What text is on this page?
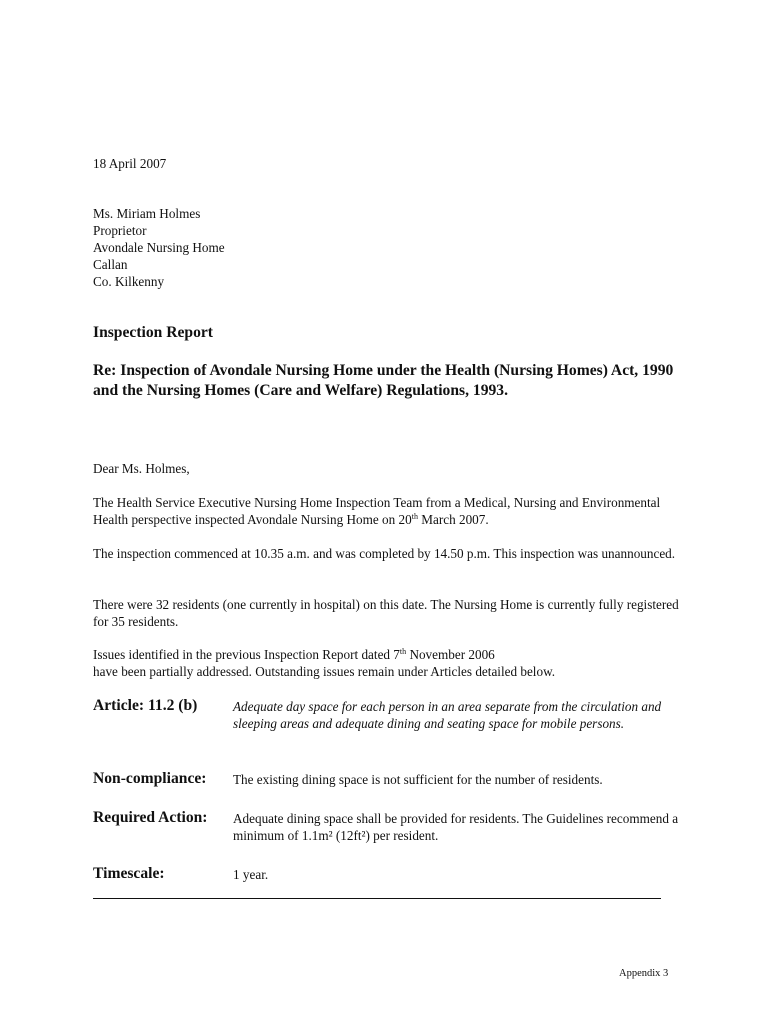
18 April 2007

Ms. Miriam Holmes
Proprietor
Avondale Nursing Home
Callan
Co. Kilkenny

Inspection Report

Re: Inspection of Avondale Nursing Home under the Health (Nursing Homes) Act, 1990 and the Nursing Homes (Care and Welfare) Regulations, 1993.

Dear Ms. Holmes,

The Health Service Executive Nursing Home Inspection Team from a Medical, Nursing and Environmental Health perspective inspected Avondale Nursing Home on 20th March 2007.

The inspection commenced at 10.35 a.m. and was completed by 14.50 p.m. This inspection was unannounced.

There were 32 residents (one currently in hospital) on this date. The Nursing Home is currently fully registered for 35 residents.

Issues identified in the previous Inspection Report dated 7th November 2006
have been partially addressed. Outstanding issues remain under Articles detailed below.

Article: 11.2 (b)	Adequate day space for each person in an area separate from the circulation and sleeping areas and adequate dining and seating space for mobile persons.
Non-compliance: The existing dining space is not sufficient for the number of residents.
Required Action: Adequate dining space shall be provided for residents. The Guidelines recommend a minimum of 1.1m² (12ft²) per resident.
Timescale:	1 year.
Appendix 3
